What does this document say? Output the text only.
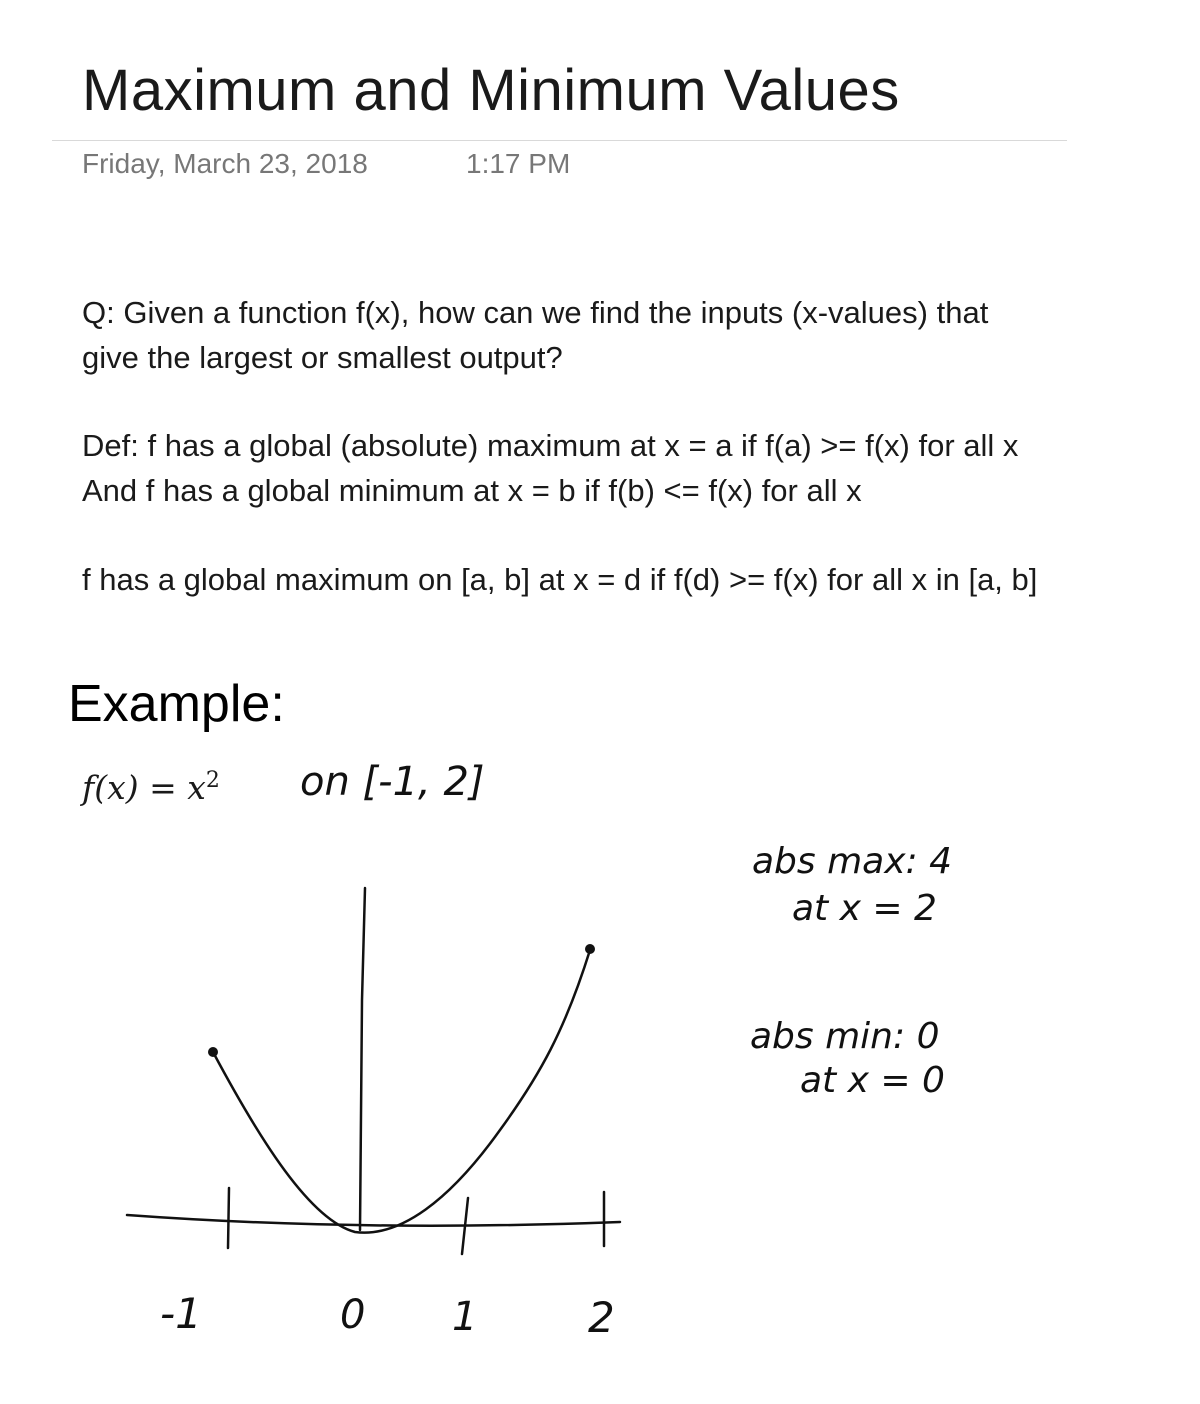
Maximum and Minimum Values
Friday, March 23, 2018	1:17 PM
Q: Given a function f(x), how can we find the inputs (x-values) that
give the largest or smallest output?
Def: f has a global (absolute) maximum at x = a if f(a) >= f(x) for all x
And f has a global minimum at x = b if f(b) <= f(x) for all x
f has a global maximum on [a, b] at x = d if f(d) >= f(x) for all x in [a, b]
Example:
$f(x) = x^2$ on [-1, 2]
abs max: 4
at x = 2
abs min: 0
at x = 0
-1	0 1	2
